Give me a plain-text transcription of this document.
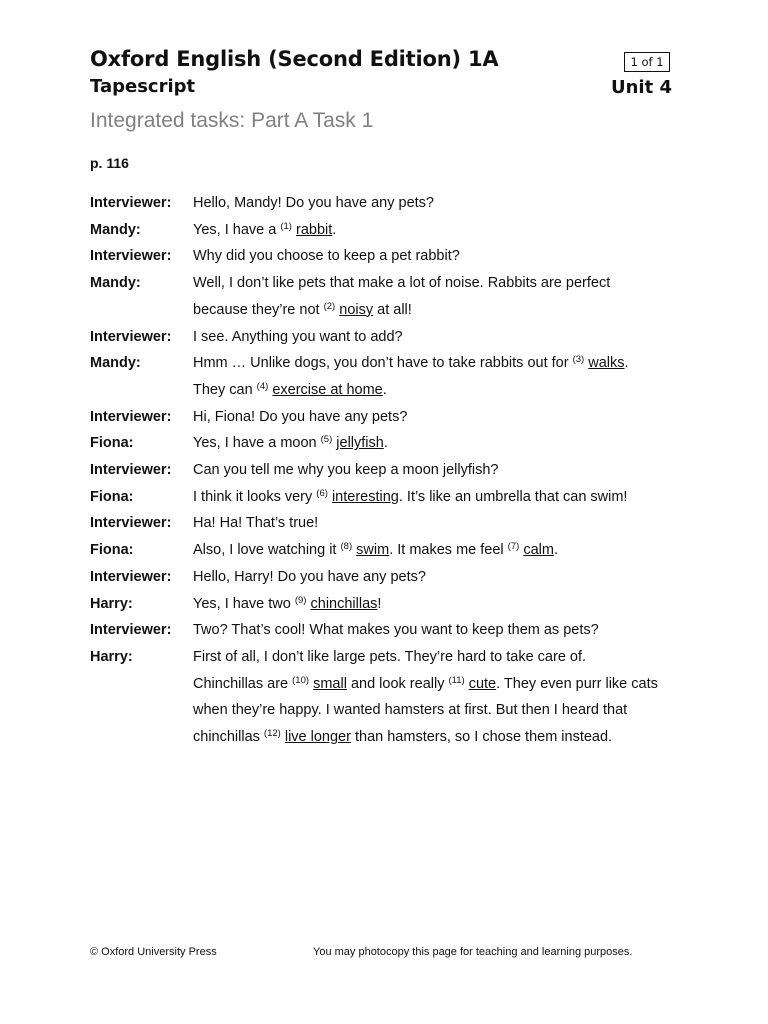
Oxford English (Second Edition) 1A
Tapescript
1 of 1
Unit 4
Integrated tasks: Part A Task 1
p. 116
Interviewer:	Hello, Mandy! Do you have any pets?
Mandy:	Yes, I have a $^{(1)}$ rabbit.
Interviewer:	Why did you choose to keep a pet rabbit?
Mandy:	Well, I don’t like pets that make a lot of noise. Rabbits are perfect
because they’re not $^{(2)}$ noisy at all!
Interviewer:	I see. Anything you want to add?
Mandy:	Hmm … Unlike dogs, you don’t have to take rabbits out for $^{(3)}$ walks.
They can $^{(4)}$ exercise at home.
Interviewer:	Hi, Fiona! Do you have any pets?
Fiona:	Yes, I have a moon $^{(5)}$ jellyfish.
Interviewer:	Can you tell me why you keep a moon jellyfish?
Fiona:	I think it looks very $^{(6)}$ interesting. It’s like an umbrella that can swim!
Interviewer:	Ha! Ha! That’s true!
Fiona:	Also, I love watching it $^{(8)}$ swim. It makes me feel $^{(7)}$ calm.
Interviewer:	Hello, Harry! Do you have any pets?
Harry:	Yes, I have two $^{(9)}$ chinchillas!
Interviewer:	Two? That’s cool! What makes you want to keep them as pets?
Harry:	First of all, I don’t like large pets. They’re hard to take care of.
Chinchillas are $^{(10)}$ small and look really $^{(11)}$ cute. They even purr like cats
when they’re happy. I wanted hamsters at first. But then I heard that
chinchillas $^{(12)}$ live longer than hamsters, so I chose them instead.
© Oxford University Press	You may photocopy this page for teaching and learning purposes.
